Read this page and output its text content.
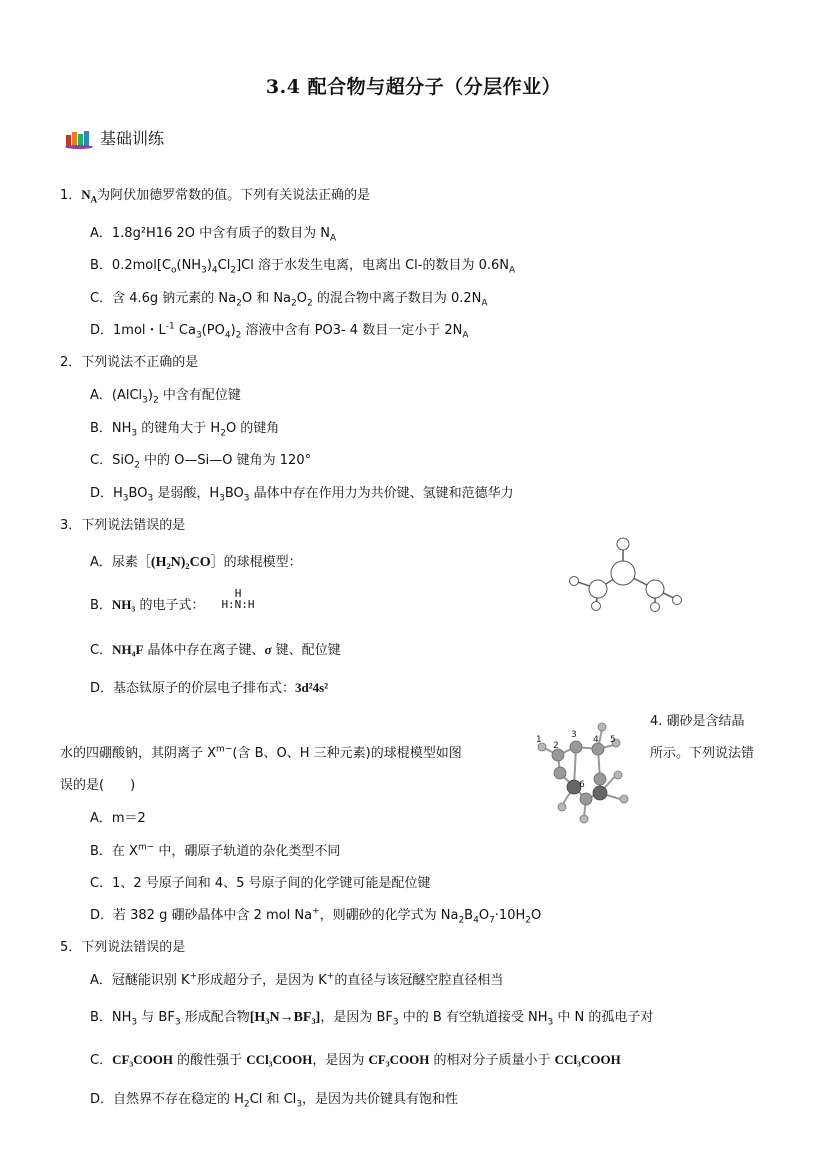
3.4 配合物与超分子（分层作业）
基础训练
1．$N_A$为阿伏加德罗常数的值。下列有关说法正确的是
A．1.8g²H16 2O 中含有质子的数目为 $N_A$
B．$0.2mol[C_o(NH_3)_4Cl_2]Cl$ 溶于水发生电离，电离出 Cl-的数目为 $0.6N_A$
C．含 4.6g 钠元素的 $Na_2O$ 和 $Na_2O_2$ 的混合物中离子数目为 $0.2N_A$
D．1mol・$L^{-1}$ $Ca_3(PO_4)_2$ 溶液中含有 PO3- 4 数目一定小于 $2N_A$
2．下列说法不正确的是
A．$(AlCl_3)_2$ 中含有配位键
B．$NH_3$ 的键角大于 $H_2O$ 的键角
C．SiO$_2$ 中的 O—Si—O 键角为 120°
D．$H_3BO_3$ 是弱酸，$H_3BO_3$ 晶体中存在作用力为共价键、氢键和范德华力
3．下列说法错误的是
A．尿素［(H₂N)₂CO］的球棍模型：
B．NH₃ 的电子式：
H
H:N:H
C．NH₄F 晶体中存在离子键、σ 键、配位键
D．基态钛原子的价层电子排布式：3d²4s²
4. 硼砂是含结晶
水的四硼酸钠，其阴离子 $X^{m-}$(含 B、O、H 三种元素)的球棍模型如图	所示。下列说法错
误的是(　　)
1
2
3 4 5
6
A．m＝2
B．在 $X^{m-}$ 中，硼原子轨道的杂化类型不同
C．1、2 号原子间和 4、5 号原子间的化学键可能是配位键
D．若 382 g 硼砂晶体中含 2 mol Na+，则硼砂的化学式为 $Na_2B_4O_7\cdot 10H_2O$
5．下列说法错误的是
A．冠醚能识别 K+形成超分子，是因为 K+的直径与该冠醚空腔直径相当
B．$NH_3$ 与 $BF_3$ 形成配合物[H₃N→BF₃]，是因为 $BF_3$ 中的 B 有空轨道接受 $NH_3$ 中 N 的孤电子对
C．CF₃COOH 的酸性强于 CCl₃COOH，是因为 CF₃COOH 的相对分子质量小于 CCl₃COOH
D．自然界不存在稳定的 $H_2Cl$ 和 $Cl_3$，是因为共价键具有饱和性
